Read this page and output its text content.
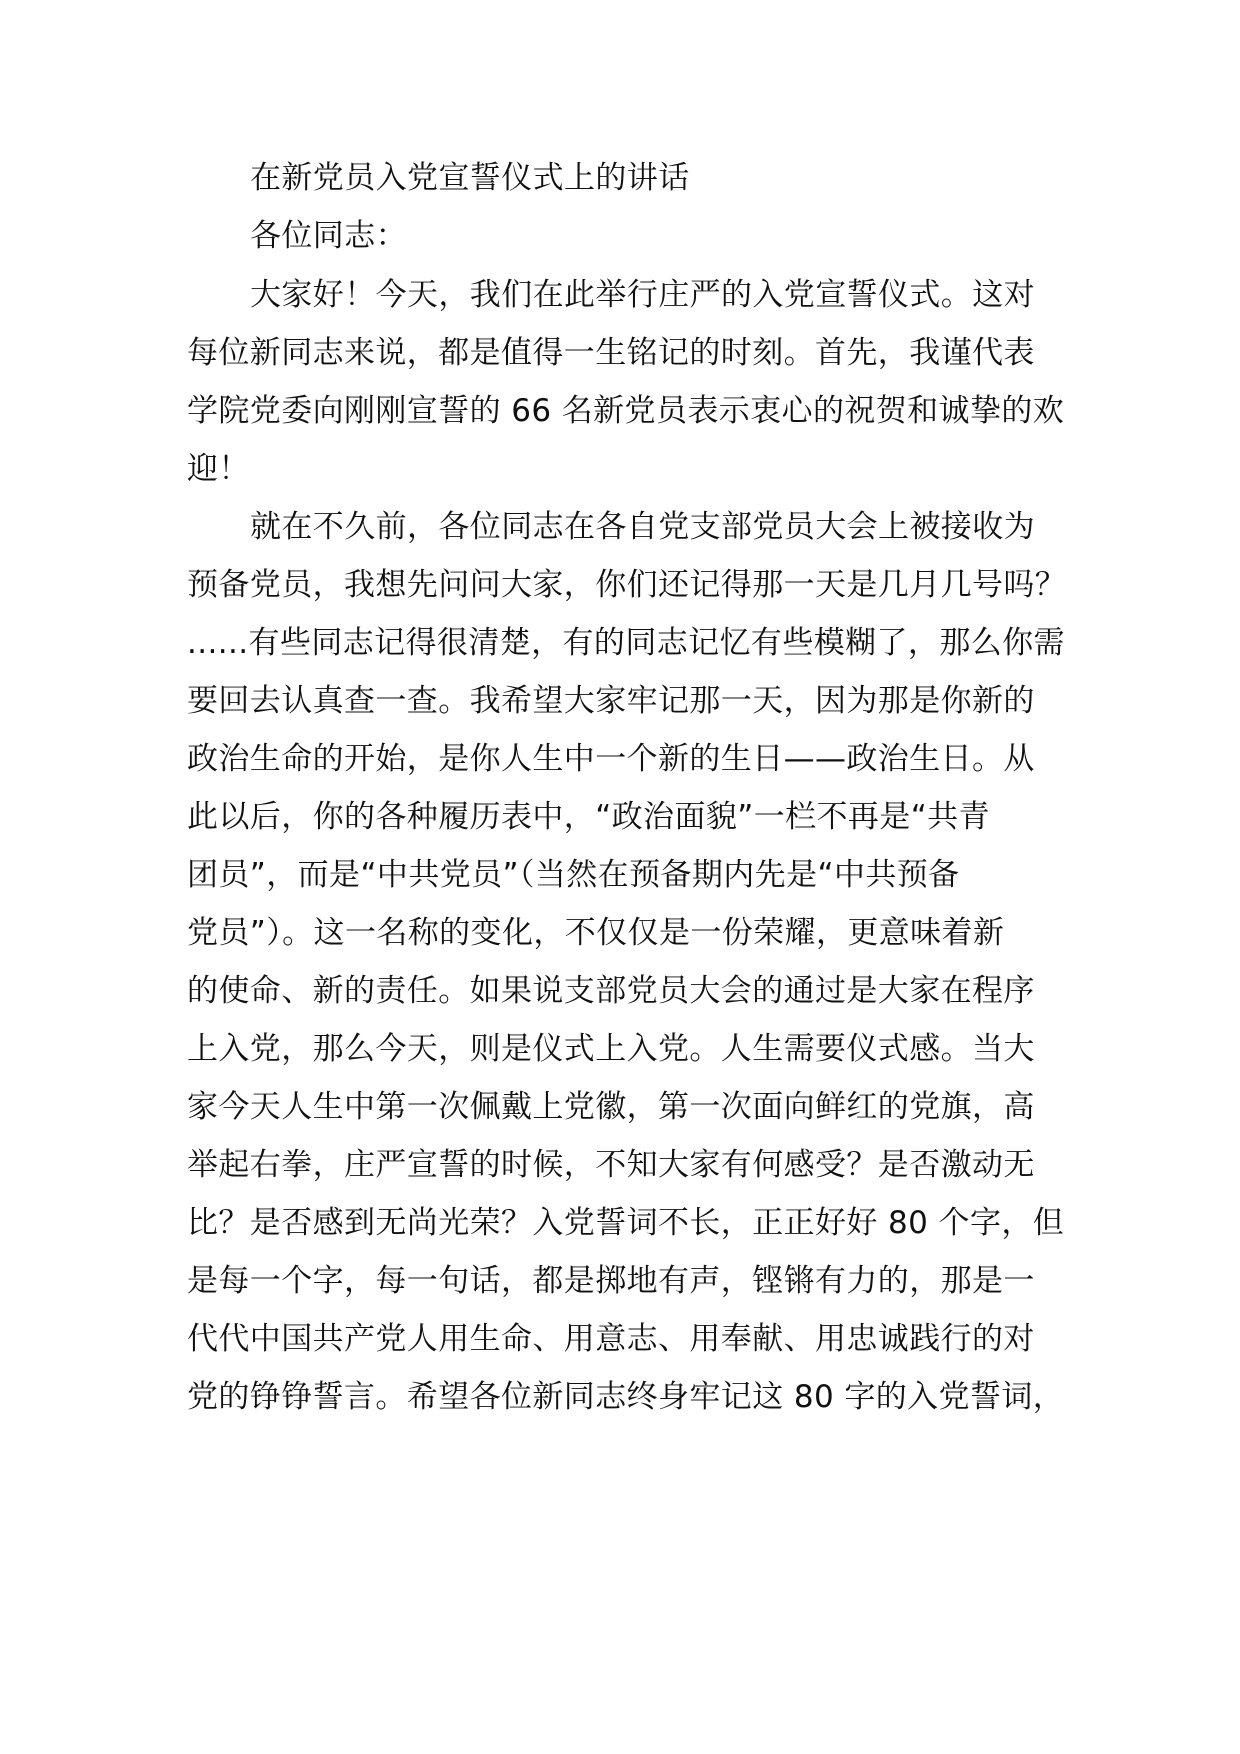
在新党员入党宣誓仪式上的讲话
各位同志：
大家好！今天，我们在此举行庄严的入党宣誓仪式。这对
每位新同志来说，都是值得一生铭记的时刻。首先，我谨代表
学院党委向刚刚宣誓的 66 名新党员表示衷心的祝贺和诚挚的欢
迎！
就在不久前，各位同志在各自党支部党员大会上被接收为
预备党员，我想先问问大家，你们还记得那一天是几月几号吗？
......有些同志记得很清楚，有的同志记忆有些模糊了，那么你需
要回去认真查一查。我希望大家牢记那一天，因为那是你新的
政治生命的开始，是你人生中一个新的生日——政治生日。从
此以后，你的各种履历表中，“政治面貌”一栏不再是“共青
团员”，而是“中共党员”（当然在预备期内先是“中共预备
党员”）。这一名称的变化，不仅仅是一份荣耀，更意味着新
的使命、新的责任。如果说支部党员大会的通过是大家在程序
上入党，那么今天，则是仪式上入党。人生需要仪式感。当大
家今天人生中第一次佩戴上党徽，第一次面向鲜红的党旗，高
举起右拳，庄严宣誓的时候，不知大家有何感受？是否激动无
比？是否感到无尚光荣？入党誓词不长，正正好好 80 个字，但
是每一个字，每一句话，都是掷地有声，铿锵有力的，那是一
代代中国共产党人用生命、用意志、用奉献、用忠诚践行的对
党的铮铮誓言。希望各位新同志终身牢记这 80 字的入党誓词，
